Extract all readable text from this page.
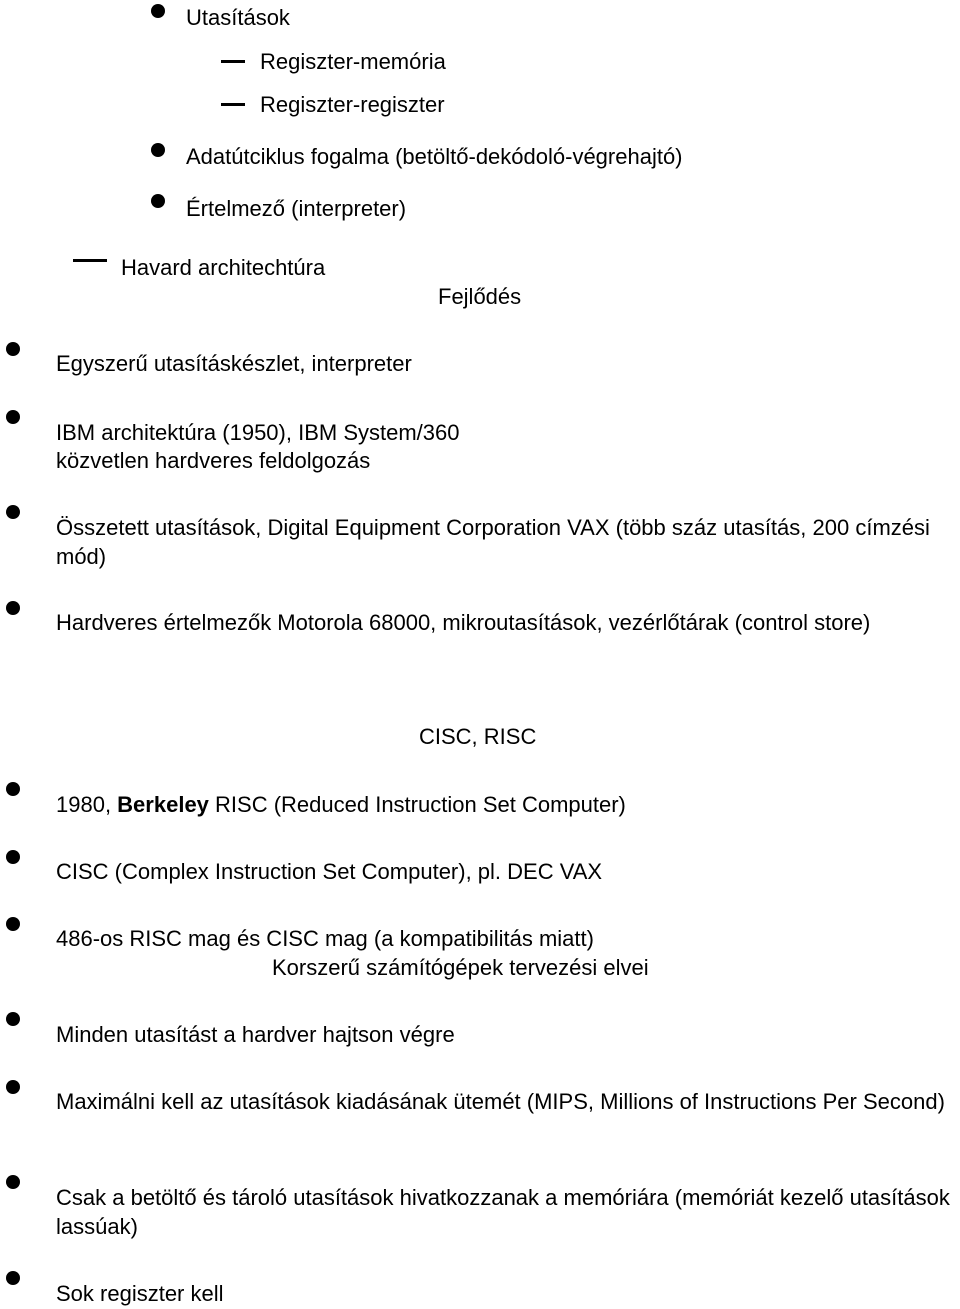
Utasítások
Regiszter-memória
Regiszter-regiszter
Adatútciklus fogalma (betöltő-dekódoló-végrehajtó)
Értelmező (interpreter)
Havard architechtúra
Fejlődés
Egyszerű utasításkészlet, interpreter
IBM architektúra (1950), IBM System/360
közvetlen hardveres feldolgozás
Összetett utasítások, Digital Equipment Corporation VAX (több száz utasítás, 200 címzési mód)
Hardveres értelmezők Motorola 68000, mikroutasítások, vezérlőtárak (control store)
CISC, RISC
1980, Berkeley RISC (Reduced Instruction Set Computer)
CISC (Complex Instruction Set Computer), pl. DEC VAX
486-os RISC mag és CISC mag (a kompatibilitás miatt)
Korszerű számítógépek tervezési elvei
Minden utasítást a hardver hajtson végre
Maximálni kell az utasítások kiadásának ütemét (MIPS, Millions of Instructions Per Second)
Csak a betöltő és tároló utasítások hivatkozzanak a memóriára (memóriát kezelő utasítások lassúak)
Sok regiszter kell
